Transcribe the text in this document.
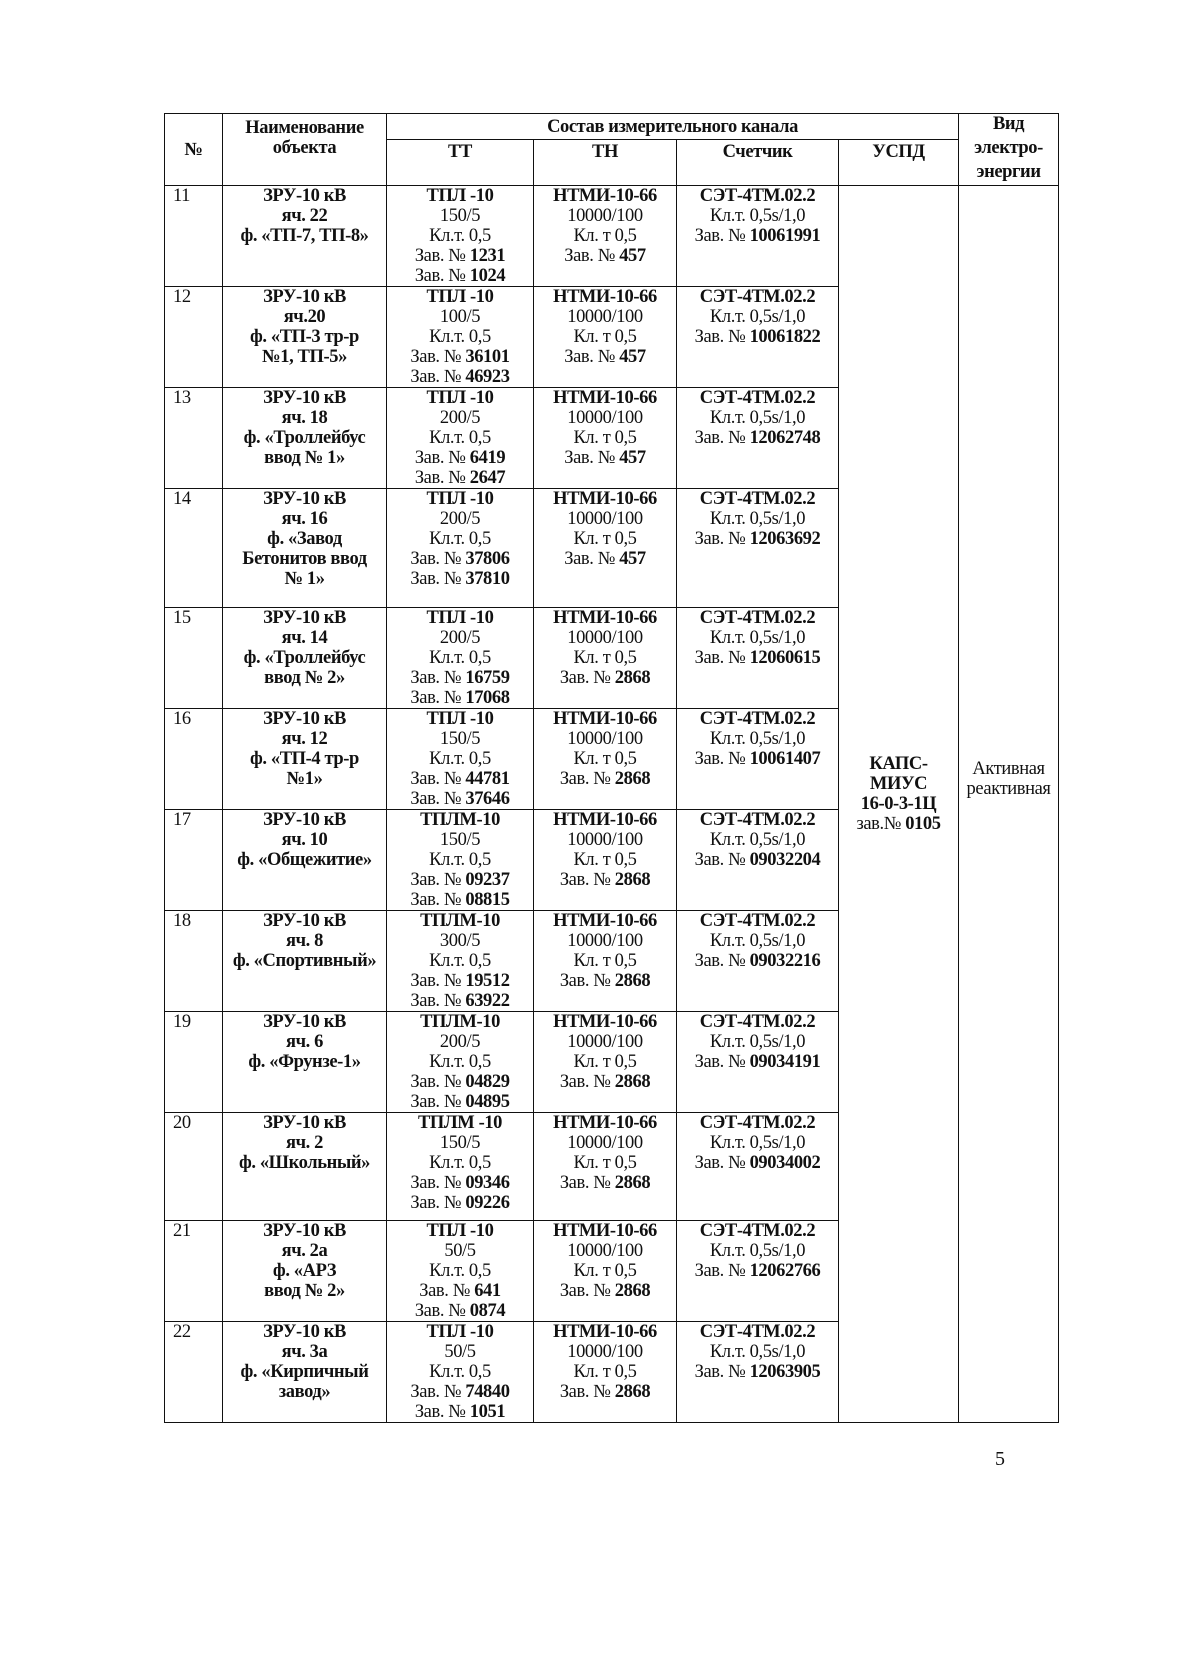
№	Наименование
объекта	Состав измерительного канала				Вид
электро-
энергии

		ТТ	ТН	Счетчик	УСПД	
11	ЗРУ-10 кВ
яч. 22
ф. «ТП-7, ТП-8»	ТПЛ -10
150/5
Кл.т. 0,5
Зав. № 1231
Зав. № 1024	НТМИ-10-66
10000/100
Кл. т 0,5
Зав. № 457	СЭТ-4ТМ.02.2
Кл.т. 0,5s/1,0
Зав. № 10061991	КАПС-
МИУС
16-0-3-1Ц
зав.№ 0105	Активная
реактивная

12	ЗРУ-10 кВ
яч.20
ф. «ТП-3 тр-р
№1, ТП-5»	ТПЛ -10
100/5
Кл.т. 0,5
Зав. № 36101
Зав. № 46923	НТМИ-10-66
10000/100
Кл. т 0,5
Зав. № 457	СЭТ-4ТМ.02.2
Кл.т. 0,5s/1,0
Зав. № 10061822		

13	ЗРУ-10 кВ
яч. 18
ф. «Троллейбус
ввод № 1»	ТПЛ -10
200/5
Кл.т. 0,5
Зав. № 6419
Зав. № 2647	НТМИ-10-66
10000/100
Кл. т 0,5
Зав. № 457	СЭТ-4ТМ.02.2
Кл.т. 0,5s/1,0
Зав. № 12062748		

14	ЗРУ-10 кВ
яч. 16
ф. «Завод
Бетонитов ввод
№ 1»	ТПЛ -10
200/5
Кл.т. 0,5
Зав. № 37806
Зав. № 37810	НТМИ-10-66
10000/100
Кл. т 0,5
Зав. № 457	СЭТ-4ТМ.02.2
Кл.т. 0,5s/1,0
Зав. № 12063692		

15	ЗРУ-10 кВ
яч. 14
ф. «Троллейбус
ввод № 2»	ТПЛ -10
200/5
Кл.т. 0,5
Зав. № 16759
Зав. № 17068	НТМИ-10-66
10000/100
Кл. т 0,5
Зав. № 2868	СЭТ-4ТМ.02.2
Кл.т. 0,5s/1,0
Зав. № 12060615		

16	ЗРУ-10 кВ
яч. 12
ф. «ТП-4 тр-р
№1»	ТПЛ -10
150/5
Кл.т. 0,5
Зав. № 44781
Зав. № 37646	НТМИ-10-66
10000/100
Кл. т 0,5
Зав. № 2868	СЭТ-4ТМ.02.2
Кл.т. 0,5s/1,0
Зав. № 10061407		

17	ЗРУ-10 кВ
яч. 10
ф. «Общежитие»	ТПЛМ-10
150/5
Кл.т. 0,5
Зав. № 09237
Зав. № 08815	НТМИ-10-66
10000/100
Кл. т 0,5
Зав. № 2868	СЭТ-4ТМ.02.2
Кл.т. 0,5s/1,0
Зав. № 09032204		

18	ЗРУ-10 кВ
яч. 8
ф. «Спортивный»	ТПЛМ-10
300/5
Кл.т. 0,5
Зав. № 19512
Зав. № 63922	НТМИ-10-66
10000/100
Кл. т 0,5
Зав. № 2868	СЭТ-4ТМ.02.2
Кл.т. 0,5s/1,0
Зав. № 09032216		

19	ЗРУ-10 кВ
яч. 6
ф. «Фрунзе-1»	ТПЛМ-10
200/5
Кл.т. 0,5
Зав. № 04829
Зав. № 04895	НТМИ-10-66
10000/100
Кл. т 0,5
Зав. № 2868	СЭТ-4ТМ.02.2
Кл.т. 0,5s/1,0
Зав. № 09034191		

20	ЗРУ-10 кВ
яч. 2
ф. «Школьный»	ТПЛМ -10
150/5
Кл.т. 0,5
Зав. № 09346
Зав. № 09226	НТМИ-10-66
10000/100
Кл. т 0,5
Зав. № 2868	СЭТ-4ТМ.02.2
Кл.т. 0,5s/1,0
Зав. № 09034002		

21	ЗРУ-10 кВ
яч. 2а
ф. «АРЗ
ввод № 2»	ТПЛ -10
50/5
Кл.т. 0,5
Зав. № 641
Зав. № 0874	НТМИ-10-66
10000/100
Кл. т 0,5
Зав. № 2868	СЭТ-4ТМ.02.2
Кл.т. 0,5s/1,0
Зав. № 12062766		

22	ЗРУ-10 кВ
яч. 3а
ф. «Кирпичный
завод»	ТПЛ -10
50/5
Кл.т. 0,5
Зав. № 74840
Зав. № 1051	НТМИ-10-66
10000/100
Кл. т 0,5
Зав. № 2868	СЭТ-4ТМ.02.2
Кл.т. 0,5s/1,0
Зав. № 12063905		
5
